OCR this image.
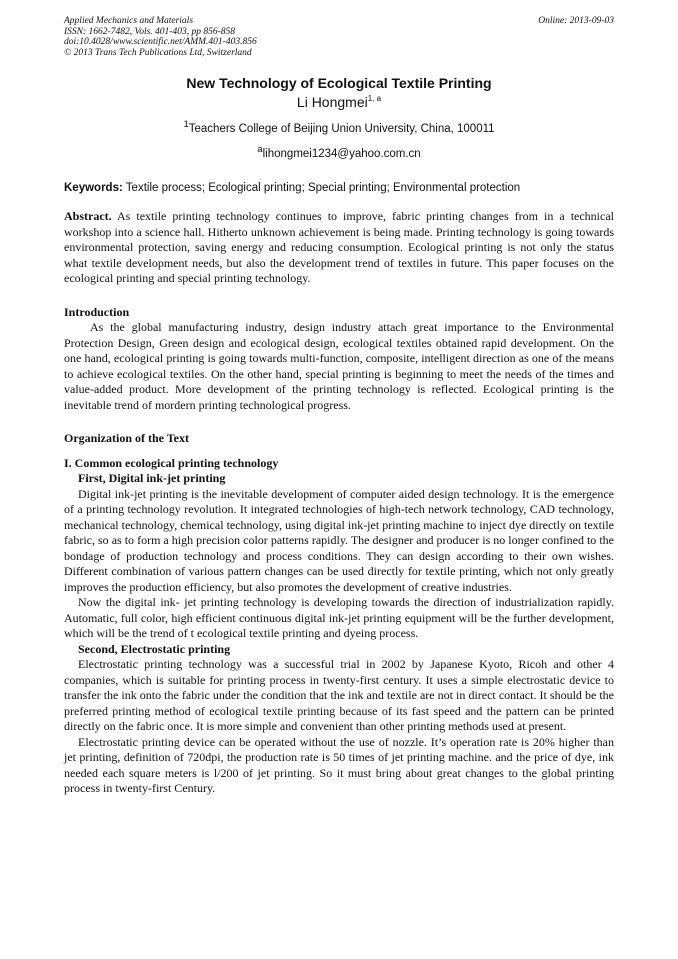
Applied Mechanics and Materials
ISSN: 1662-7482, Vols. 401-403, pp 856-858
doi:10.4028/www.scientific.net/AMM.401-403.856
© 2013 Trans Tech Publications Ltd, Switzerland
Online: 2013-09-03
New Technology of Ecological Textile Printing
Li Hongmei$^{1, a}$
$^1$Teachers College of Beijing Union University, China, 100011
$^a$lihongmei1234@yahoo.com.cn
Keywords: Textile process; Ecological printing; Special printing; Environmental protection

Abstract. As textile printing technology continues to improve, fabric printing changes from in a technical workshop into a science hall. Hitherto unknown achievement is being made. Printing technology is going towards environmental protection, saving energy and reducing consumption. Ecological printing is not only the status what textile development needs, but also the development trend of textiles in future. This paper focuses on the ecological printing and special printing technology.

Introduction

As the global manufacturing industry, design industry attach great importance to the Environmental Protection Design, Green design and ecological design, ecological textiles obtained rapid development. On the one hand, ecological printing is going towards multi-function, composite, intelligent direction as one of the means to achieve ecological textiles. On the other hand, special printing is beginning to meet the needs of the times and value-added product. More development of the printing technology is reflected. Ecological printing is the inevitable trend of mordern printing technological progress.

Organization of the Text
I. Common ecological printing technology
First, Digital ink-jet printing

Digital ink-jet printing is the inevitable development of computer aided design technology. It is the emergence of a printing technology revolution. It integrated technologies of high-tech network technology, CAD technology, mechanical technology, chemical technology, using digital ink-jet printing machine to inject dye directly on textile fabric, so as to form a high precision color patterns rapidly. The designer and producer is no longer confined to the bondage of production technology and process conditions. They can design according to their own wishes. Different combination of various pattern changes can be used directly for textile printing, which not only greatly improves the production efficiency, but also promotes the development of creative industries.

Now the digital ink- jet printing technology is developing towards the direction of industrialization rapidly. Automatic, full color, high efficient continuous digital ink-jet printing equipment will be the further development, which will be the trend of t ecological textile printing and dyeing process.

Second, Electrostatic printing

Electrostatic printing technology was a successful trial in 2002 by Japanese Kyoto, Ricoh and other 4 companies, which is suitable for printing process in twenty-first century. It uses a simple electrostatic device to transfer the ink onto the fabric under the condition that the ink and textile are not in direct contact. It should be the preferred printing method of ecological textile printing because of its fast speed and the pattern can be printed directly on the fabric once. It is more simple and convenient than other printing methods used at present.

Electrostatic printing device can be operated without the use of nozzle. It’s operation rate is 20% higher than jet printing, definition of 720dpi, the production rate is 50 times of jet printing machine. and the price of dye, ink needed each square meters is l/200 of jet printing. So it must bring about great changes to the global printing process in twenty-first Century.
